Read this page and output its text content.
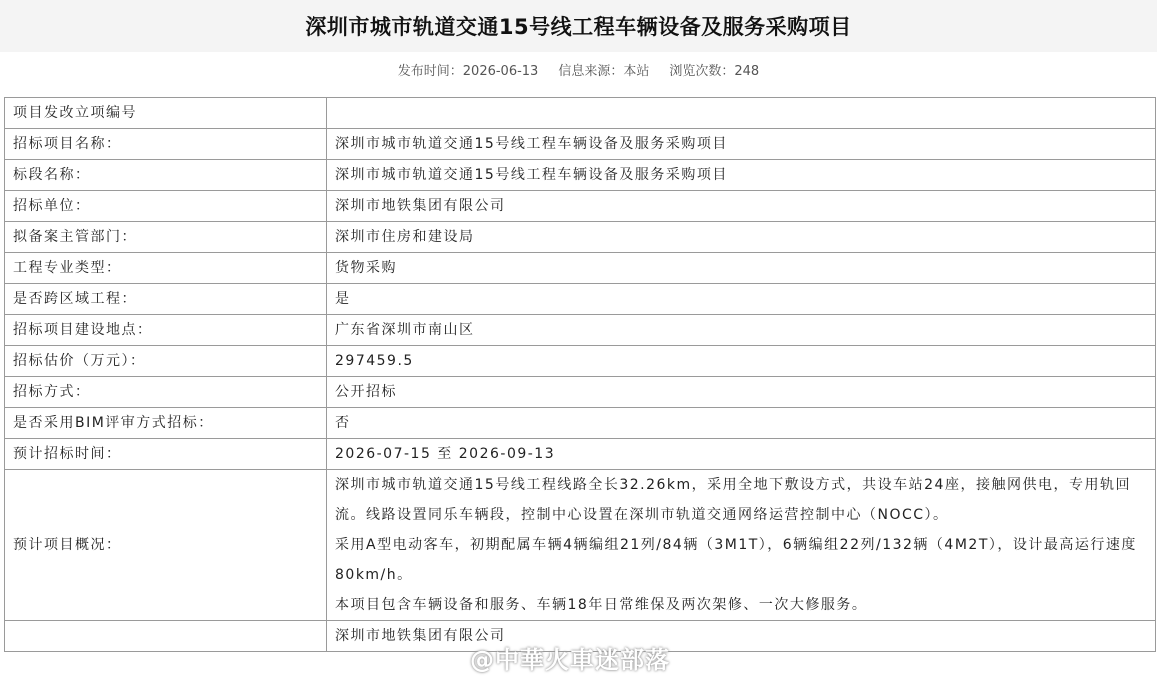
深圳市城市轨道交通15号线工程车辆设备及服务采购项目
发布时间：2026-06-13 信息来源：本站 浏览次数：248
项目发改立项编号	
招标项目名称：	深圳市城市轨道交通15号线工程车辆设备及服务采购项目
标段名称：	深圳市城市轨道交通15号线工程车辆设备及服务采购项目
招标单位：	深圳市地铁集团有限公司
拟备案主管部门：	深圳市住房和建设局
工程专业类型：	货物采购
是否跨区域工程：	是
招标项目建设地点：	广东省深圳市南山区
招标估价（万元）：	297459.5
招标方式：	公开招标
是否采用BIM评审方式招标：	否
预计招标时间：	2026-07-15 至 2026-09-13
预计项目概况：	深圳市城市轨道交通15号线工程线路全长32.26km，采用全地下敷设方式，共设车站24座，接触网供电，专用轨回流。线路设置同乐车辆段，控制中心设置在深圳市轨道交通网络运营控制中心（NOCC）。

采用A型电动客车，初期配属车辆4辆编组21列/84辆（3M1T），6辆编组22列/132辆（4M2T），设计最高运行速度80km/h。

本项目包含车辆设备和服务、车辆18年日常维保及两次架修、一次大修服务。

	深圳市地铁集团有限公司
@中華火車迷部落
